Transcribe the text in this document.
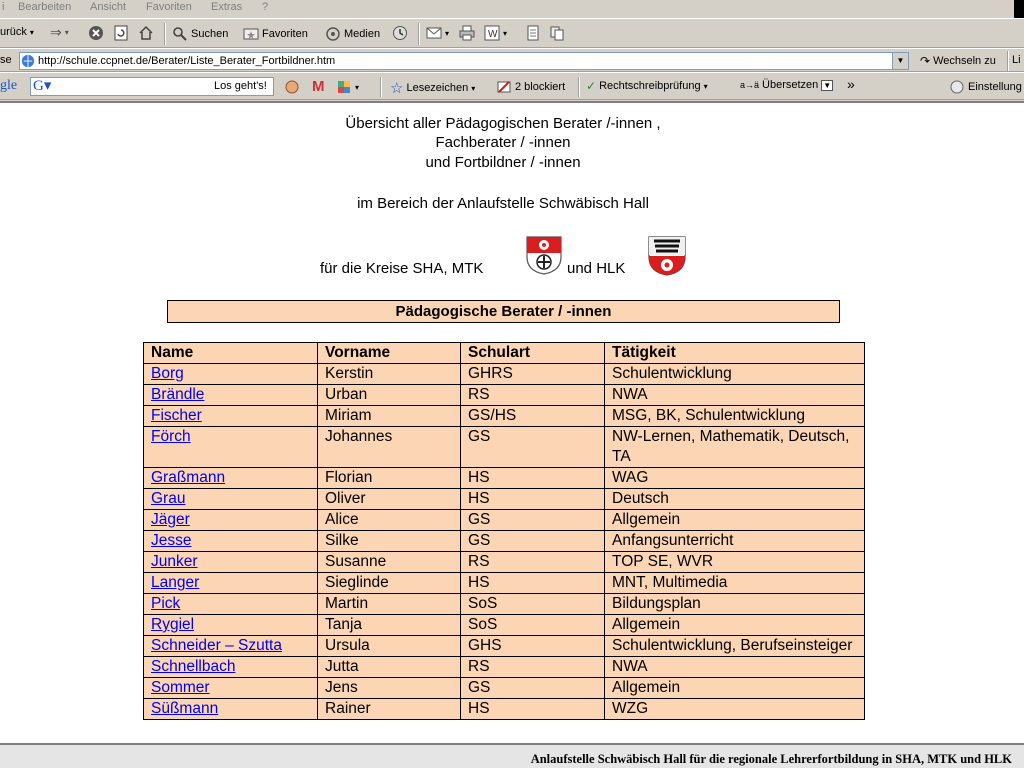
i Bearbeiten Ansicht Favoriten Extras ?
urück ▾ ⇒ ▾	Suchen	Favoriten	Medien	▾	W ▾
se http://schule.ccpnet.de/Berater/Liste_Berater_Fortbildner.htm	▼ ↷ Wechseln zu Li
gle G▾	Los geht's!	M	▾ ☆ Lesezeichen ▾	2 blockiert ✓ Rechtschreibprüfung ▾	a→ä Übersetzen ▼ »	Einstellung
Übersicht aller Pädagogischen Berater /-innen ,
Fachberater / -innen
und Fortbildner / -innen
im Bereich der Anlaufstelle Schwäbisch Hall
für die Kreise SHA, MTK	und HLK
Pädagogische Berater / -innen
Name	Vorname	Schulart	Tätigkeit
Borg	Kerstin	GHRS	Schulentwicklung
Brändle	Urban	RS	NWA
Fischer	Miriam	GS/HS	MSG, BK, Schulentwicklung
Förch	Johannes	GS	NW-Lernen, Mathematik, Deutsch, TA
Graßmann	Florian	HS	WAG
Grau	Oliver	HS	Deutsch
Jäger	Alice	GS	Allgemein
Jesse	Silke	GS	Anfangsunterricht
Junker	Susanne	RS	TOP SE, WVR
Langer	Sieglinde	HS	MNT, Multimedia
Pick	Martin	SoS	Bildungsplan
Rygiel	Tanja	SoS	Allgemein
Schneider – Szutta	Ursula	GHS	Schulentwicklung, Berufseinsteiger
Schnellbach	Jutta	RS	NWA
Sommer	Jens	GS	Allgemein
Süßmann	Rainer	HS	WZG
Anlaufstelle Schwäbisch Hall für die regionale Lehrerfortbildung in SHA, MTK und HLK
